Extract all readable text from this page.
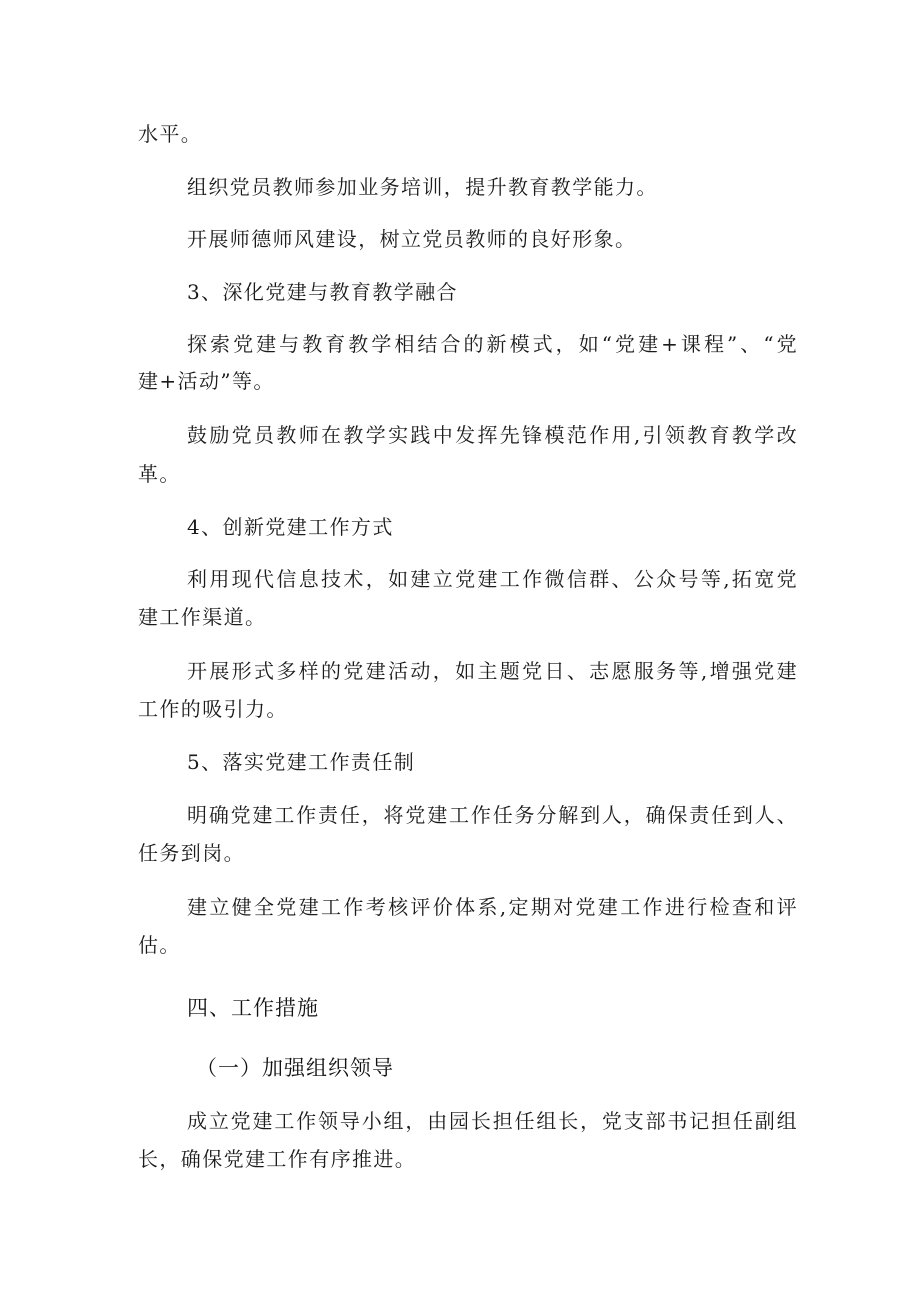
水平。
组织党员教师参加业务培训，提升教育教学能力。
开展师德师风建设，树立党员教师的良好形象。
3、深化党建与教育教学融合
探索党建与教育教学相结合的新模式，如“党建+课程”、“党
建+活动”等。
鼓励党员教师在教学实践中发挥先锋模范作用,引领教育教学改
革。
4、创新党建工作方式
利用现代信息技术，如建立党建工作微信群、公众号等,拓宽党
建工作渠道。
开展形式多样的党建活动，如主题党日、志愿服务等,增强党建
工作的吸引力。
5、落实党建工作责任制
明确党建工作责任，将党建工作任务分解到人，确保责任到人、
任务到岗。
建立健全党建工作考核评价体系,定期对党建工作进行检查和评
估。
四、工作措施
（一）加强组织领导
成立党建工作领导小组，由园长担任组长，党支部书记担任副组
长，确保党建工作有序推进。
